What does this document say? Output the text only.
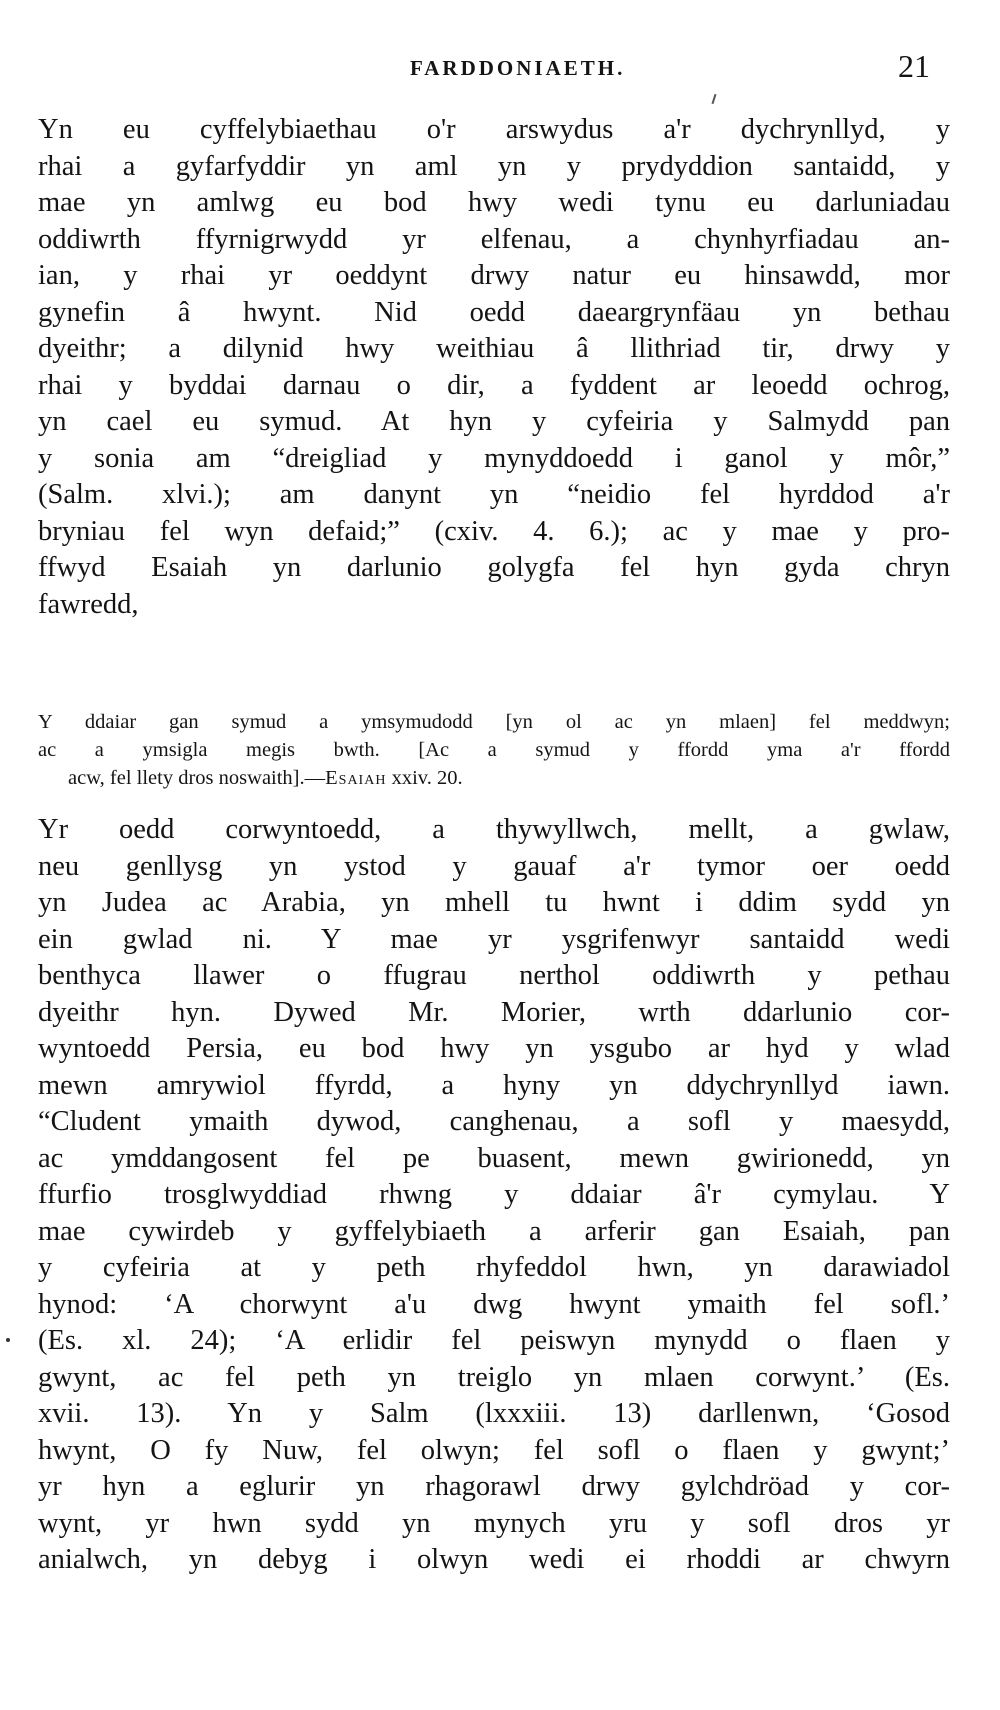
FARDDONIAETH.	21

Yn eu cyffelybiaethau o'r arswydus a'r dychrynllyd, y
rhai a gyfarfyddir yn aml yn y prydyddion santaidd, y
mae yn amlwg eu bod hwy wedi tynu eu darluniadau
oddiwrth ffyrnigrwydd yr elfenau, a chynhyrfiadau an-
ian, y rhai yr oeddynt drwy natur eu hinsawdd, mor
gynefin â hwynt. Nid oedd daeargrynfäau yn bethau
dyeithr; a dilynid hwy weithiau â llithriad tir, drwy y
rhai y byddai darnau o dir, a fyddent ar leoedd ochrog,
yn cael eu symud. At hyn y cyfeiria y Salmydd pan
y sonia am “dreigliad y mynyddoedd i ganol y môr,”
(Salm. xlvi.); am danynt yn “neidio fel hyrddod a'r
bryniau fel wyn defaid;” (cxiv. 4. 6.); ac y mae y pro-
ffwyd Esaiah yn darlunio golygfa fel hyn gyda chryn
fawredd,

Y ddaiar gan symud a ymsymudodd [yn ol ac yn mlaen] fel meddwyn;
ac a ymsigla megis bwth. [Ac a symud y ffordd yma a'r ffordd
acw, fel llety dros noswaith].—Esaiah xxiv. 20.

Yr oedd corwyntoedd, a thywyllwch, mellt, a gwlaw,
neu genllysg yn ystod y gauaf a'r tymor oer oedd
yn Judea ac Arabia, yn mhell tu hwnt i ddim sydd yn
ein gwlad ni. Y mae yr ysgrifenwyr santaidd wedi
benthyca llawer o ffugrau nerthol oddiwrth y pethau
dyeithr hyn. Dywed Mr. Morier, wrth ddarlunio cor-
wyntoedd Persia, eu bod hwy yn ysgubo ar hyd y wlad
mewn amrywiol ffyrdd, a hyny yn ddychrynllyd iawn.
“Cludent ymaith dywod, canghenau, a sofl y maesydd,
ac ymddangosent fel pe buasent, mewn gwirionedd, yn
ffurfio trosglwyddiad rhwng y ddaiar â'r cymylau. Y
mae cywirdeb y gyffelybiaeth a arferir gan Esaiah, pan
y cyfeiria at y peth rhyfeddol hwn, yn darawiadol
hynod: ‘A chorwynt a'u dwg hwynt ymaith fel sofl.’
(Es. xl. 24); ‘A erlidir fel peiswyn mynydd o flaen y
gwynt, ac fel peth yn treiglo yn mlaen corwynt.’ (Es.
xvii. 13). Yn y Salm (lxxxiii. 13) darllenwn, ‘Gosod
hwynt, O fy Nuw, fel olwyn; fel sofl o flaen y gwynt;’
yr hyn a eglurir yn rhagorawl drwy gylchdröad y cor-
wynt, yr hwn sydd yn mynych yru y sofl dros yr
anialwch, yn debyg i olwyn wedi ei rhoddi ar chwyrn
